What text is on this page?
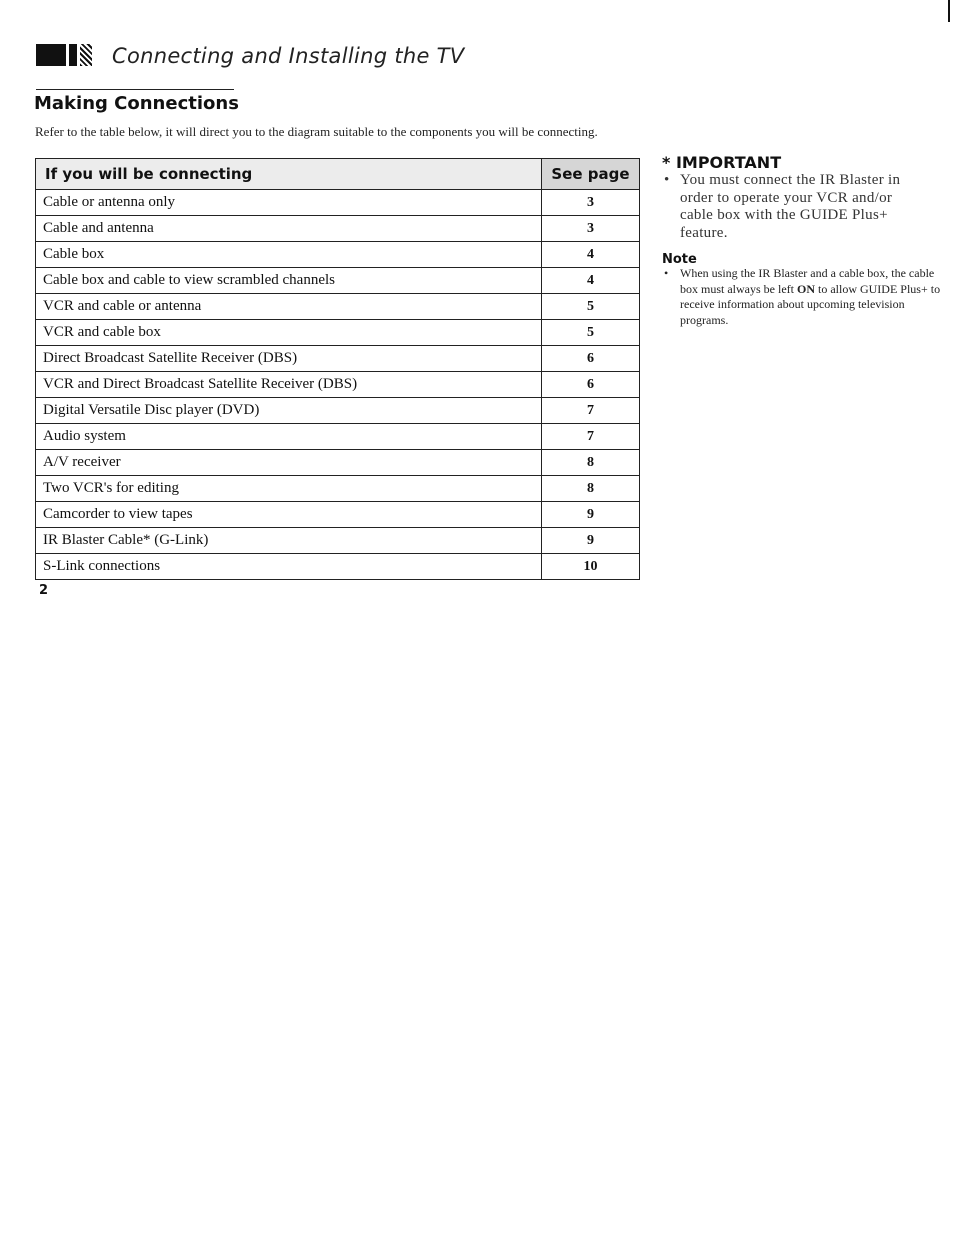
Connecting and Installing the TV
Making Connections
Refer to the table below, it will direct you to the diagram suitable to the components you will be connecting.
If you will be connecting	See page
Cable or antenna only	3
Cable and antenna	3
Cable box	4
Cable box and cable to view scrambled channels	4
VCR and cable or antenna	5
VCR and cable box	5
Direct Broadcast Satellite Receiver (DBS)	6
VCR and Direct Broadcast Satellite Receiver (DBS)	6
Digital Versatile Disc player (DVD)	7
Audio system	7
A/V receiver	8
Two VCR's for editing	8
Camcorder to view tapes	9
IR Blaster Cable* (G-Link)	9
S-Link connections	10
2
* IMPORTANT
• You must connect the IR Blaster in order to operate your VCR and/or cable box with the GUIDE Plus+ feature.
Note
• When using the IR Blaster and a cable box, the cable box must always be left ON to allow GUIDE Plus+ to receive information about upcoming television programs.
